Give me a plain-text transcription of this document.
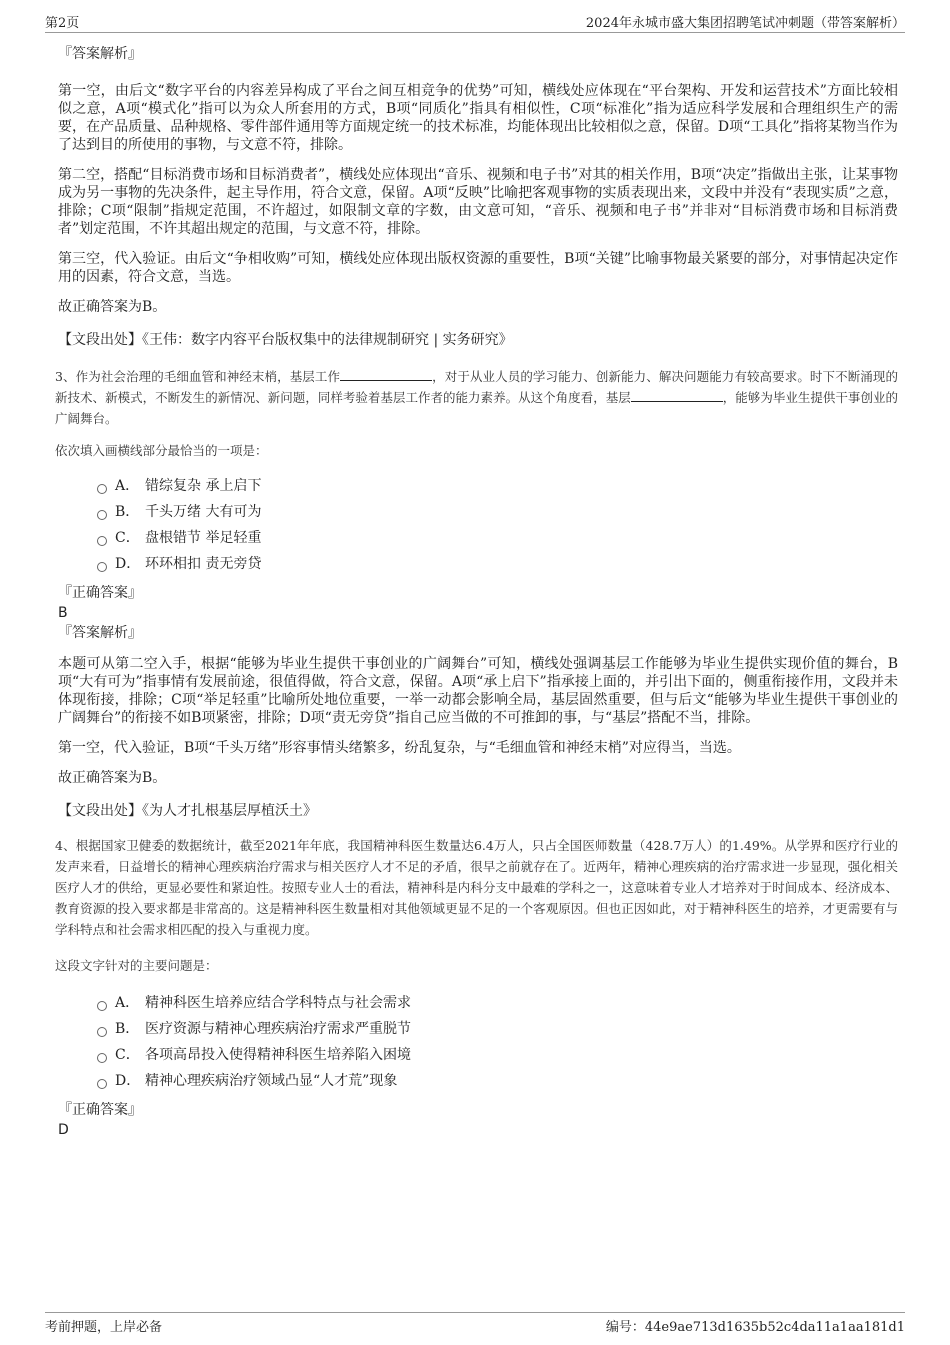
第2页	2024年永城市盛大集团招聘笔试冲刺题（带答案解析）
『答案解析』
第一空，由后文“数字平台的内容差异构成了平台之间互相竞争的优势”可知，横线处应体现在“平台架构、开发和运营技术”方面比较相似之意，A项“模式化”指可以为众人所套用的方式，B项“同质化”指具有相似性，C项“标准化”指为适应科学发展和合理组织生产的需要，在产品质量、品种规格、零件部件通用等方面规定统一的技术标准，均能体现出比较相似之意，保留。D项“工具化”指将某物当作为了达到目的所使用的事物，与文意不符，排除。
第二空，搭配“目标消费市场和目标消费者”，横线处应体现出“音乐、视频和电子书”对其的相关作用，B项“决定”指做出主张，让某事物成为另一事物的先决条件，起主导作用，符合文意，保留。A项“反映”比喻把客观事物的实质表现出来，文段中并没有“表现实质”之意，排除；C项“限制”指规定范围，不许超过，如限制文章的字数，由文意可知，“音乐、视频和电子书”并非对“目标消费市场和目标消费者”划定范围，不许其超出规定的范围，与文意不符，排除。
第三空，代入验证。由后文“争相收购”可知，横线处应体现出版权资源的重要性，B项“关键”比喻事物最关紧要的部分，对事情起决定作用的因素，符合文意，当选。
故正确答案为B。
【文段出处】《王伟：数字内容平台版权集中的法律规制研究 | 实务研究》
3、作为社会治理的毛细血管和神经末梢，基层工作	，对于从业人员的学习能力、创新能力、解决问题能力有较高要求。时下不断涌现的新技术、新模式，不断发生的新情况、新问题，同样考验着基层工作者的能力素养。从这个角度看，基层	，能够为毕业生提供干事创业的广阔舞台。
依次填入画横线部分最恰当的一项是：
A． 错综复杂 承上启下
B． 千头万绪 大有可为
C． 盘根错节 举足轻重
D． 环环相扣 责无旁贷
『正确答案』
B
『答案解析』
本题可从第二空入手，根据“能够为毕业生提供干事创业的广阔舞台”可知，横线处强调基层工作能够为毕业生提供实现价值的舞台，B项“大有可为”指事情有发展前途，很值得做，符合文意，保留。A项“承上启下”指承接上面的，并引出下面的，侧重衔接作用，文段并未体现衔接，排除；C项“举足轻重”比喻所处地位重要，一举一动都会影响全局，基层固然重要，但与后文“能够为毕业生提供干事创业的广阔舞台”的衔接不如B项紧密，排除；D项“责无旁贷”指自己应当做的不可推卸的事，与“基层”搭配不当，排除。
第一空，代入验证，B项“千头万绪”形容事情头绪繁多，纷乱复杂，与“毛细血管和神经末梢”对应得当，当选。
故正确答案为B。
【文段出处】《为人才扎根基层厚植沃土》
4、根据国家卫健委的数据统计，截至2021年年底，我国精神科医生数量达6.4万人，只占全国医师数量（428.7万人）的1.49%。从学界和医疗行业的发声来看，日益增长的精神心理疾病治疗需求与相关医疗人才不足的矛盾，很早之前就存在了。近两年，精神心理疾病的治疗需求进一步显现，强化相关医疗人才的供给，更显必要性和紧迫性。按照专业人士的看法，精神科是内科分支中最难的学科之一，这意味着专业人才培养对于时间成本、经济成本、教育资源的投入要求都是非常高的。这是精神科医生数量相对其他领域更显不足的一个客观原因。但也正因如此，对于精神科医生的培养，才更需要有与学科特点和社会需求相匹配的投入与重视力度。
这段文字针对的主要问题是：
A． 精神科医生培养应结合学科特点与社会需求
B． 医疗资源与精神心理疾病治疗需求严重脱节
C． 各项高昂投入使得精神科医生培养陷入困境
D． 精神心理疾病治疗领域凸显“人才荒”现象
『正确答案』
D
考前押题，上岸必备	编号：44e9ae713d1635b52c4da11a1aa181d1
